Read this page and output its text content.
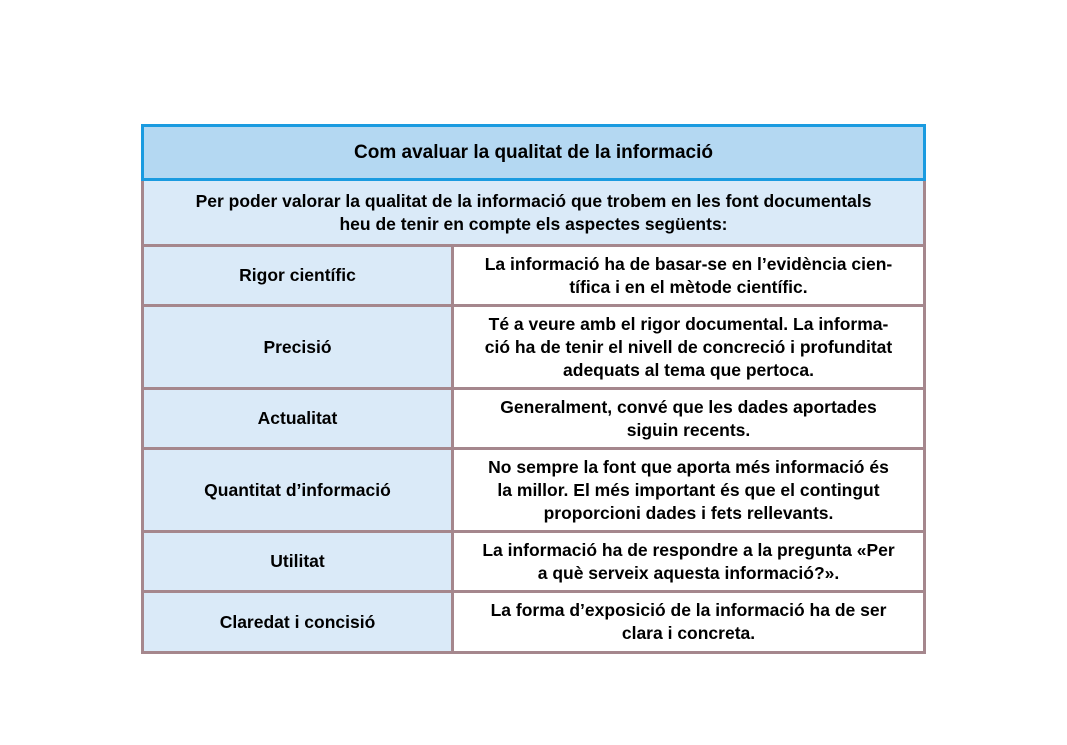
Com avaluar la qualitat de la informació
Per poder valorar la qualitat de la informació que trobem en les font documentals
heu de tenir en compte els aspectes següents:
Rigor científic
La informació ha de basar-se en l’evidència cien-
tífica i en el mètode científic.
Precisió
Té a veure amb el rigor documental. La informa-
ció ha de tenir el nivell de concreció i profunditat
adequats al tema que pertoca.
Actualitat
Generalment, convé que les dades aportades
siguin recents.
Quantitat d’informació
No sempre la font que aporta més informació és
la millor. El més important és que el contingut
proporcioni dades i fets rellevants.
Utilitat
La informació ha de respondre a la pregunta «Per
a què serveix aquesta informació?».
Claredat i concisió
La forma d’exposició de la informació ha de ser
clara i concreta.
